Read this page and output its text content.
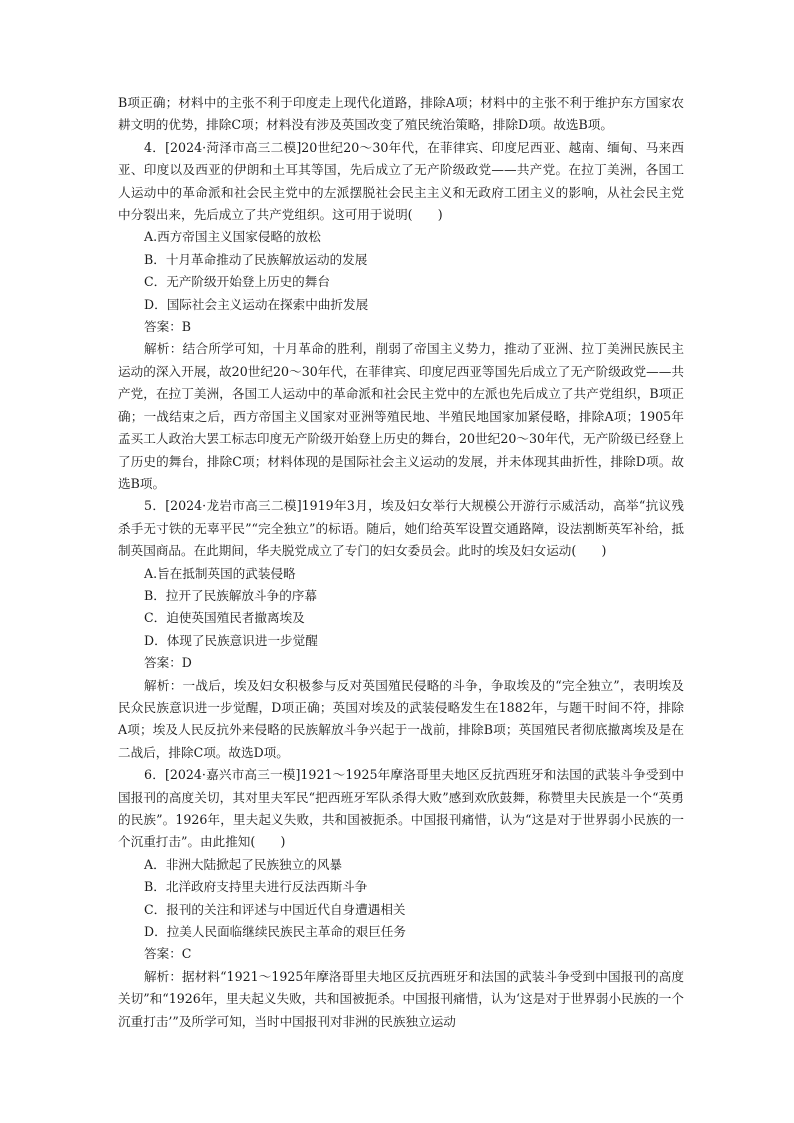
B项正确；材料中的主张不利于印度走上现代化道路，排除A项；材料中的主张不利于维护东方国家农耕文明的优势，排除C项；材料没有涉及英国改变了殖民统治策略，排除D项。故选B项。

4．[2024·菏泽市高三二模]20世纪20～30年代，在菲律宾、印度尼西亚、越南、缅甸、马来西亚、印度以及西亚的伊朗和土耳其等国，先后成立了无产阶级政党——共产党。在拉丁美洲，各国工人运动中的革命派和社会民主党中的左派摆脱社会民主主义和无政府工团主义的影响，从社会民主党中分裂出来，先后成立了共产党组织。这可用于说明(　　)

A.西方帝国主义国家侵略的放松

B．十月革命推动了民族解放运动的发展

C．无产阶级开始登上历史的舞台

D．国际社会主义运动在探索中曲折发展

答案：B

解析：结合所学可知，十月革命的胜利，削弱了帝国主义势力，推动了亚洲、拉丁美洲民族民主运动的深入开展，故20世纪20～30年代，在菲律宾、印度尼西亚等国先后成立了无产阶级政党——共产党，在拉丁美洲，各国工人运动中的革命派和社会民主党中的左派也先后成立了共产党组织，B项正确；一战结束之后，西方帝国主义国家对亚洲等殖民地、半殖民地国家加紧侵略，排除A项；1905年孟买工人政治大罢工标志印度无产阶级开始登上历史的舞台，20世纪20～30年代，无产阶级已经登上了历史的舞台，排除C项；材料体现的是国际社会主义运动的发展，并未体现其曲折性，排除D项。故选B项。

5．[2024·龙岩市高三二模]1919年3月，埃及妇女举行大规模公开游行示威活动，高举“抗议残杀手无寸铁的无辜平民”“完全独立”的标语。随后，她们给英军设置交通路障，设法割断英军补给，抵制英国商品。在此期间，华夫脱党成立了专门的妇女委员会。此时的埃及妇女运动(　　)

A.旨在抵制英国的武装侵略

B．拉开了民族解放斗争的序幕

C．迫使英国殖民者撤离埃及

D．体现了民族意识进一步觉醒

答案：D

解析：一战后，埃及妇女积极参与反对英国殖民侵略的斗争，争取埃及的“完全独立”，表明埃及民众民族意识进一步觉醒，D项正确；英国对埃及的武装侵略发生在1882年，与题干时间不符，排除A项；埃及人民反抗外来侵略的民族解放斗争兴起于一战前，排除B项；英国殖民者彻底撤离埃及是在二战后，排除C项。故选D项。

6．[2024·嘉兴市高三一模]1921～1925年摩洛哥里夫地区反抗西班牙和法国的武装斗争受到中国报刊的高度关切，其对里夫军民“把西班牙军队杀得大败”感到欢欣鼓舞，称赞里夫民族是一个“英勇的民族”。1926年，里夫起义失败，共和国被扼杀。中国报刊痛惜，认为“这是对于世界弱小民族的一个沉重打击”。由此推知(　　)

A．非洲大陆掀起了民族独立的风暴

B．北洋政府支持里夫进行反法西斯斗争

C．报刊的关注和评述与中国近代自身遭遇相关

D．拉美人民面临继续民族民主革命的艰巨任务

答案：C

解析：据材料“1921～1925年摩洛哥里夫地区反抗西班牙和法国的武装斗争受到中国报刊的高度关切”和“1926年，里夫起义失败，共和国被扼杀。中国报刊痛惜，认为‘这是对于世界弱小民族的一个沉重打击’”及所学可知，当时中国报刊对非洲的民族独立运动
